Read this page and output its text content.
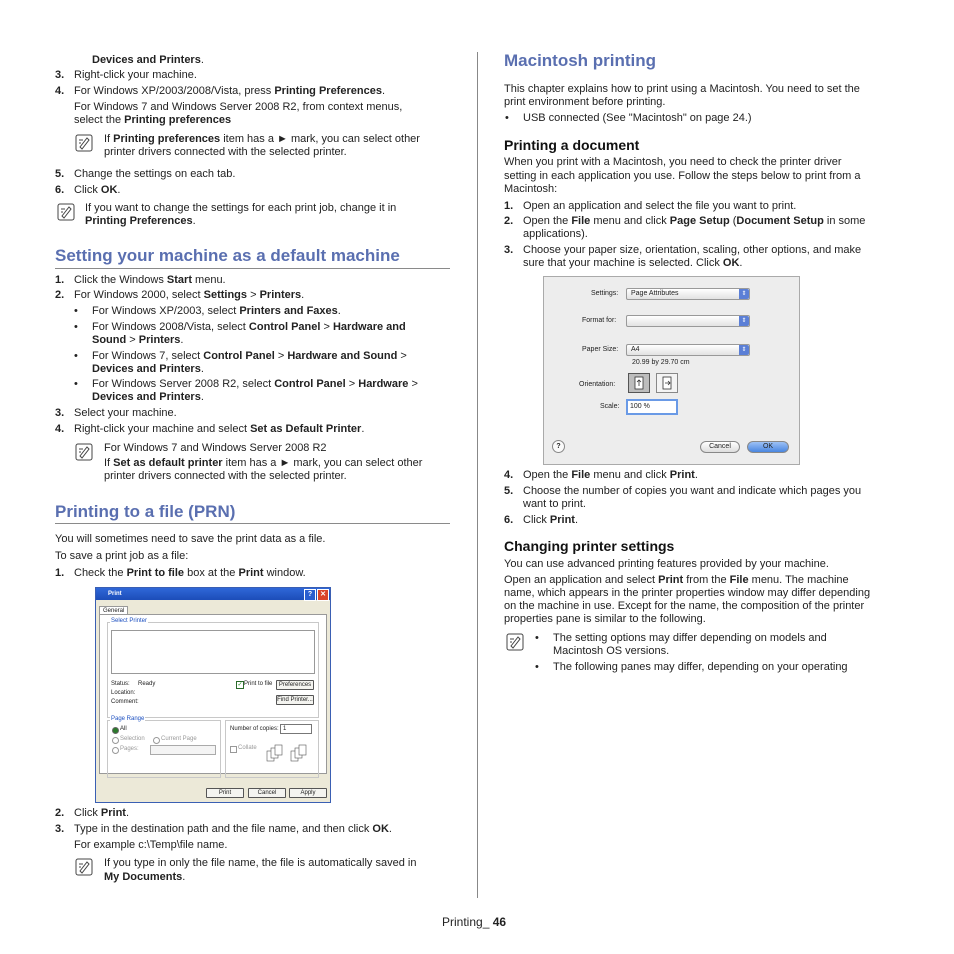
Devices and Printers.
3. Right-click your machine.
4. For Windows XP/2003/2008/Vista, press Printing Preferences.
For Windows 7 and Windows Server 2008 R2, from context menus,
select the Printing preferences
If Printing preferences item has a ► mark, you can select other
printer drivers connected with the selected printer.
5. Change the settings on each tab.
6. Click OK.
If you want to change the settings for each print job, change it in
Printing Preferences.
Setting your machine as a default machine
1. Click the Windows Start menu.
2. For Windows 2000, select Settings > Printers.
• For Windows XP/2003, select Printers and Faxes.
• For Windows 2008/Vista, select Control Panel > Hardware and
Sound > Printers.
• For Windows 7, select Control Panel > Hardware and Sound >
Devices and Printers.
• For Windows Server 2008 R2, select Control Panel > Hardware >
Devices and Printers.
3. Select your machine.
4. Right-click your machine and select Set as Default Printer.
For Windows 7 and Windows Server 2008 R2
If Set as default printer item has a ► mark, you can select other
printer drivers connected with the selected printer.
Printing to a file (PRN)
You will sometimes need to save the print data as a file.
To save a print job as a file:
1. Check the Print to file box at the Print window.
2. Click Print.
3. Type in the destination path and the file name, and then click OK.
For example c:\Temp\file name.
If you type in only the file name, the file is automatically saved in
My Documents.
Print	?	✕
General
Select Printer
Status: Ready
Location:
Comment:
✓ Print to file	Preferences
Find Printer...
Page Range
All
Selection	Current Page
Pages:
Number of copies: 1
Collate
Print	Cancel	Apply
Macintosh printing
This chapter explains how to print using a Macintosh. You need to set the
print environment before printing.
• USB connected (See "Macintosh" on page 24.)
Printing a document
When you print with a Macintosh, you need to check the printer driver
setting in each application you use. Follow the steps below to print from a
Macintosh:
1. Open an application and select the file you want to print.
2. Open the File menu and click Page Setup (Document Setup in some
applications).
3. Choose your paper size, orientation, scaling, other options, and make
sure that your machine is selected. Click OK.
4. Open the File menu and click Print.
5. Choose the number of copies you want and indicate which pages you
want to print.
6. Click Print.
Changing printer settings
You can use advanced printing features provided by your machine.
Open an application and select Print from the File menu. The machine
name, which appears in the printer properties window may differ depending
on the machine in use. Except for the name, the composition of the printer
properties pane is similar to the following.
• The setting options may differ depending on models and
Macintosh OS versions.
• The following panes may differ, depending on your operating
Settings: Page Attributes	⇕
Format for:	⇕
Paper Size: A4	⇕
20.99 by 29.70 cm
Orientation:
Scale:	100 %
?	Cancel	OK
Printing_ 46
